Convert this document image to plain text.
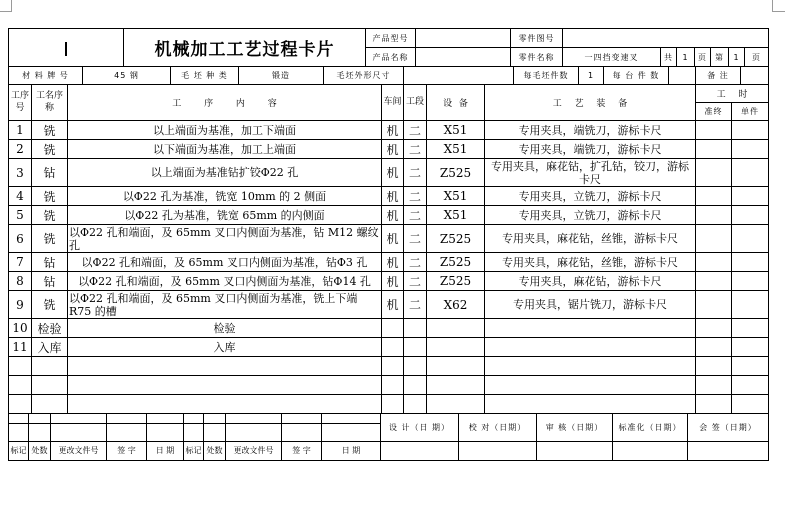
	机械加工工艺过程卡片	产品型号		零件图号							
		产品名称		零件名称	一四挡变速叉	共	1	页	第	1	页
材 料 牌 号	45 钢	毛 坯 种 类	锻造	毛坯外形尺寸		每毛坯件数	1	每 台 件 数		备 注	
工序号	工名序称	工 序 内 容	车间	工段	设 备	工 艺 装 备	工 时	
							准终	单件
1	铣	以上端面为基准，加工下端面	机	二	X51	专用夹具，端铣刀，游标卡尺		
2	铣	以下端面为基准，加工上端面	机	二	X51	专用夹具，端铣刀，游标卡尺		
3	钻	以上端面为基准钻扩铰Φ22 孔	机	二	Z525	专用夹具，麻花钻，扩孔钻，铰刀，游标卡尺		
4	铣	以Φ22 孔为基准，铣宽 10mm 的 2 侧面	机	二	X51	专用夹具，立铣刀，游标卡尺		
5	铣	以Φ22 孔为基准，铣宽 65mm 的内侧面	机	二	X51	专用夹具，立铣刀，游标卡尺		
6	铣	以Φ22 孔和端面，及 65mm 叉口内侧面为基准，钻 M12 螺纹孔	机	二	Z525	专用夹具，麻花钻，丝锥，游标卡尺		
7	钻	以Φ22 孔和端面，及 65mm 叉口内侧面为基准，钻Φ3 孔	机	二	Z525	专用夹具，麻花钻，丝锥，游标卡尺		
8	钻	以Φ22 孔和端面，及 65mm 叉口内侧面为基准，钻Φ14 孔	机	二	Z525	专用夹具，麻花钻，游标卡尺		
9	铣	以Φ22 孔和端面，及 65mm 叉口内侧面为基准，铣上下端 R75 的槽	机	二	X62	专用夹具，锯片铣刀，游标卡尺		
10	检验	检验						
11	入库	入库						

										设 计（日 期）	校 对（日期）	审 核（日期）	标准化（日期）	会 签（日期）

标记	处数	更改文件号	签 字	日 期	标记	处数	更改文件号	签 字	日 期					
